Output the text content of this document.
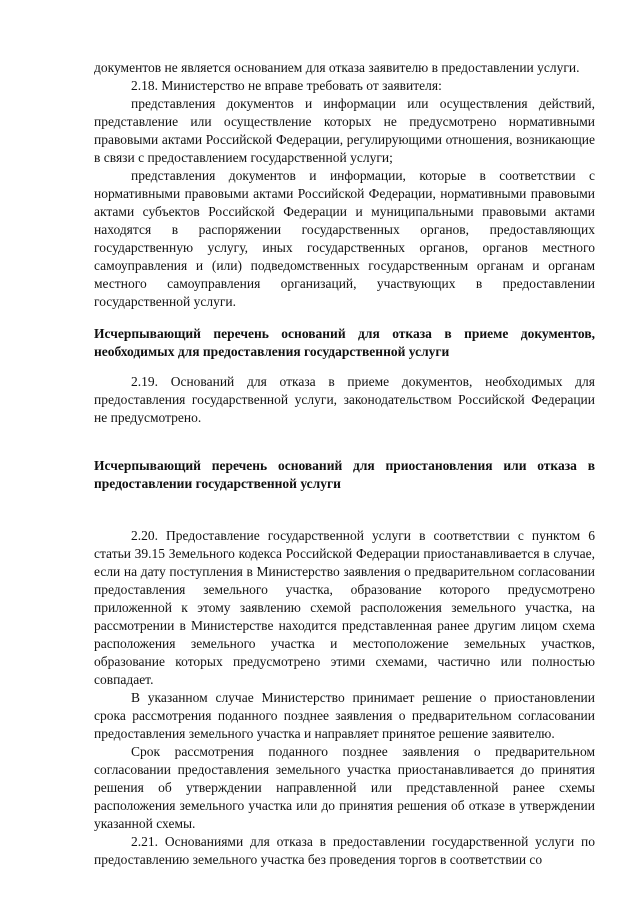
документов не является основанием для отказа заявителю в предоставлении услуги.

2.18. Министерство не вправе требовать от заявителя:

представления документов и информации или осуществления действий, представление или осуществление которых не предусмотрено нормативными правовыми актами Российской Федерации, регулирующими отношения, возникающие в связи с предоставлением государственной услуги;

представления документов и информации, которые в соответствии с нормативными правовыми актами Российской Федерации, нормативными правовыми актами субъектов Российской Федерации и муниципальными правовыми актами находятся в распоряжении государственных органов, предоставляющих государственную услугу, иных государственных органов, органов местного самоуправления и (или) подведомственных государственным органам и органам местного самоуправления организаций, участвующих в предоставлении государственной услуги.

Исчерпывающий перечень оснований для отказа в приеме документов, необходимых для предоставления государственной услуги

2.19. Оснований для отказа в приеме документов, необходимых для предоставления государственной услуги, законодательством Российской Федерации не предусмотрено.

Исчерпывающий перечень оснований для приостановления или отказа в предоставлении государственной услуги

2.20. Предоставление государственной услуги в соответствии с пунктом 6 статьи 39.15 Земельного кодекса Российской Федерации приостанавливается в случае, если на дату поступления в Министерство заявления о предварительном согласовании предоставления земельного участка, образование которого предусмотрено приложенной к этому заявлению схемой расположения земельного участка, на рассмотрении в Министерстве находится представленная ранее другим лицом схема расположения земельного участка и местоположение земельных участков, образование которых предусмотрено этими схемами, частично или полностью совпадает.

В указанном случае Министерство принимает решение о приостановлении срока рассмотрения поданного позднее заявления о предварительном согласовании предоставления земельного участка и направляет принятое решение заявителю.

Срок рассмотрения поданного позднее заявления о предварительном согласовании предоставления земельного участка приостанавливается до принятия решения об утверждении направленной или представленной ранее схемы расположения земельного участка или до принятия решения об отказе в утверждении указанной схемы.

2.21. Основаниями для отказа в предоставлении государственной услуги по предоставлению земельного участка без проведения торгов в соответствии со
